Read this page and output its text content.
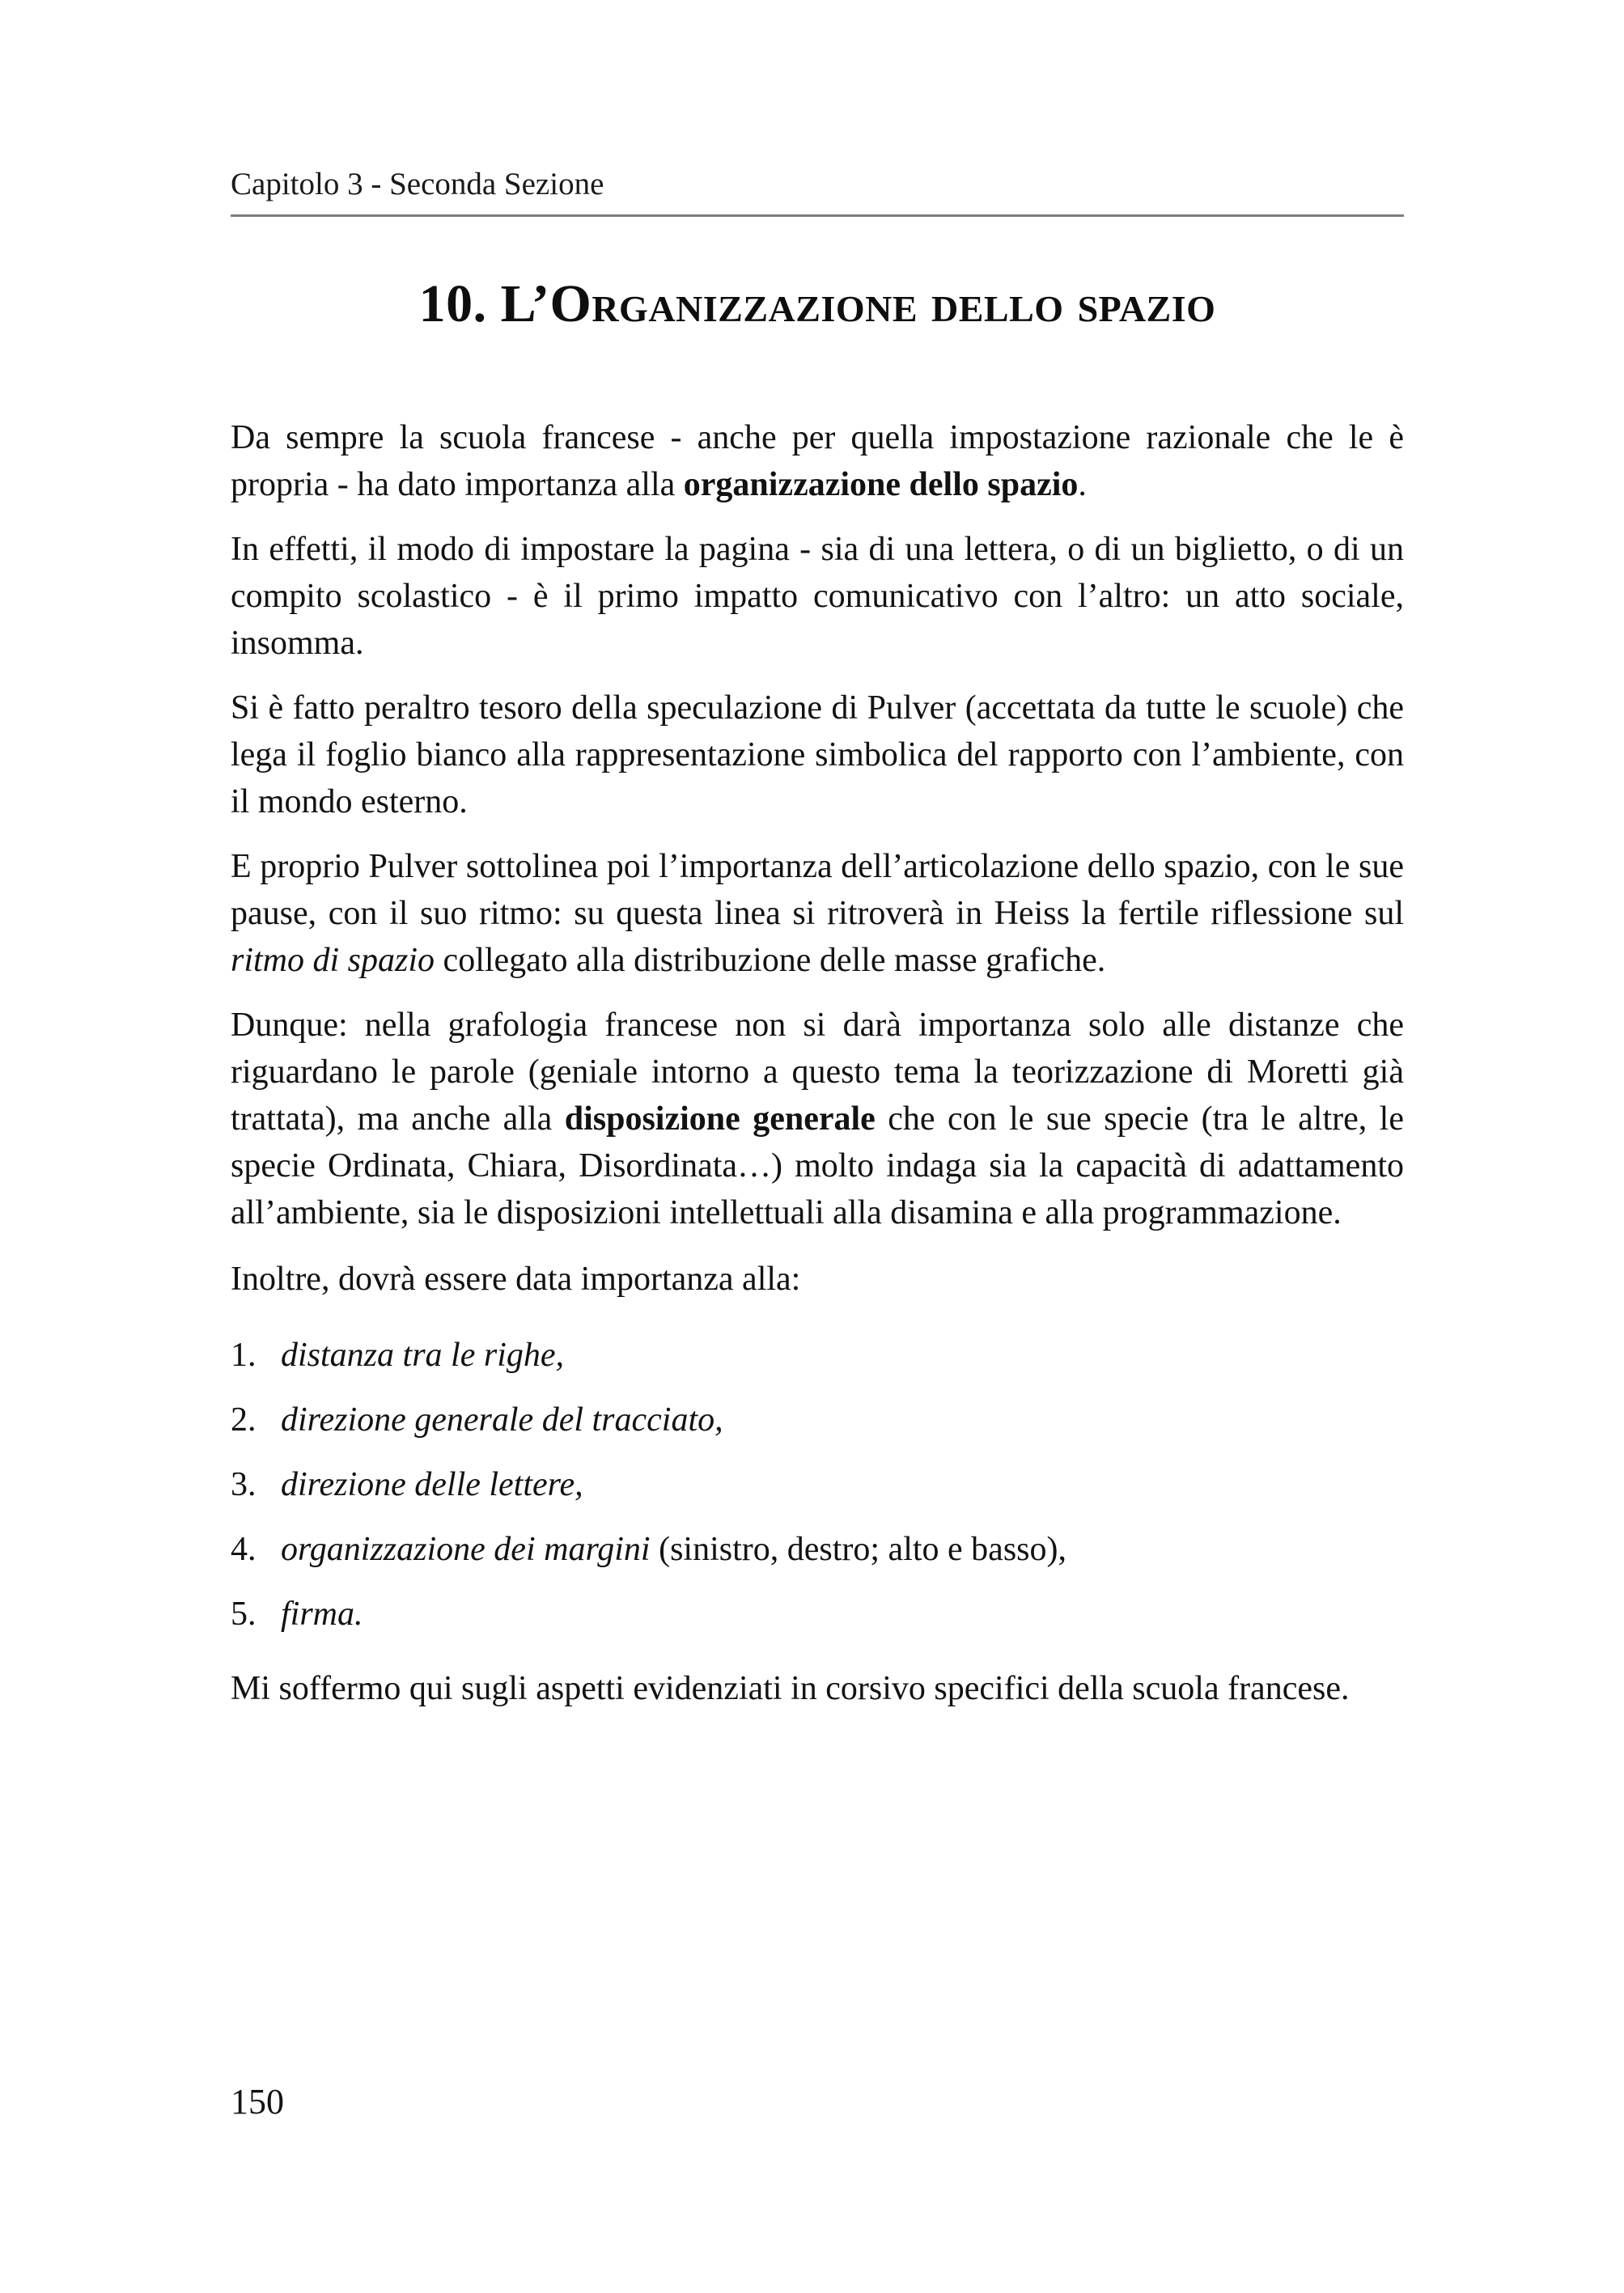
Capitolo 3 - Seconda Sezione
10. L’Organizzazione dello spazio

Da sempre la scuola francese - anche per quella impostazione razionale che le è propria - ha dato importanza alla organizzazione dello spazio.

In effetti, il modo di impostare la pagina - sia di una lettera, o di un biglietto, o di un compito scolastico - è il primo impatto comunicativo con l’altro: un atto sociale, insomma.

Si è fatto peraltro tesoro della speculazione di Pulver (accettata da tutte le scuole) che lega il foglio bianco alla rappresentazione simbolica del rapporto con l’ambiente, con il mondo esterno.

E proprio Pulver sottolinea poi l’importanza dell’articolazione dello spazio, con le sue pause, con il suo ritmo: su questa linea si ritroverà in Heiss la fertile riflessione sul ritmo di spazio collegato alla distribuzione delle masse grafiche.

Dunque: nella grafologia francese non si darà importanza solo alle distanze che riguardano le parole (geniale intorno a questo tema la teorizzazione di Moretti già trattata), ma anche alla disposizione generale che con le sue specie (tra le altre, le specie Ordinata, Chiara, Disordinata…) molto indaga sia la capacità di adattamento all’ambiente, sia le disposizioni intellettuali alla disamina e alla programmazione.

Inoltre, dovrà essere data importanza alla:

1. distanza tra le righe,
2. direzione generale del tracciato,
3. direzione delle lettere,
4. organizzazione dei margini (sinistro, destro; alto e basso),
5. firma.

Mi soffermo qui sugli aspetti evidenziati in corsivo specifici della scuola francese.

150
